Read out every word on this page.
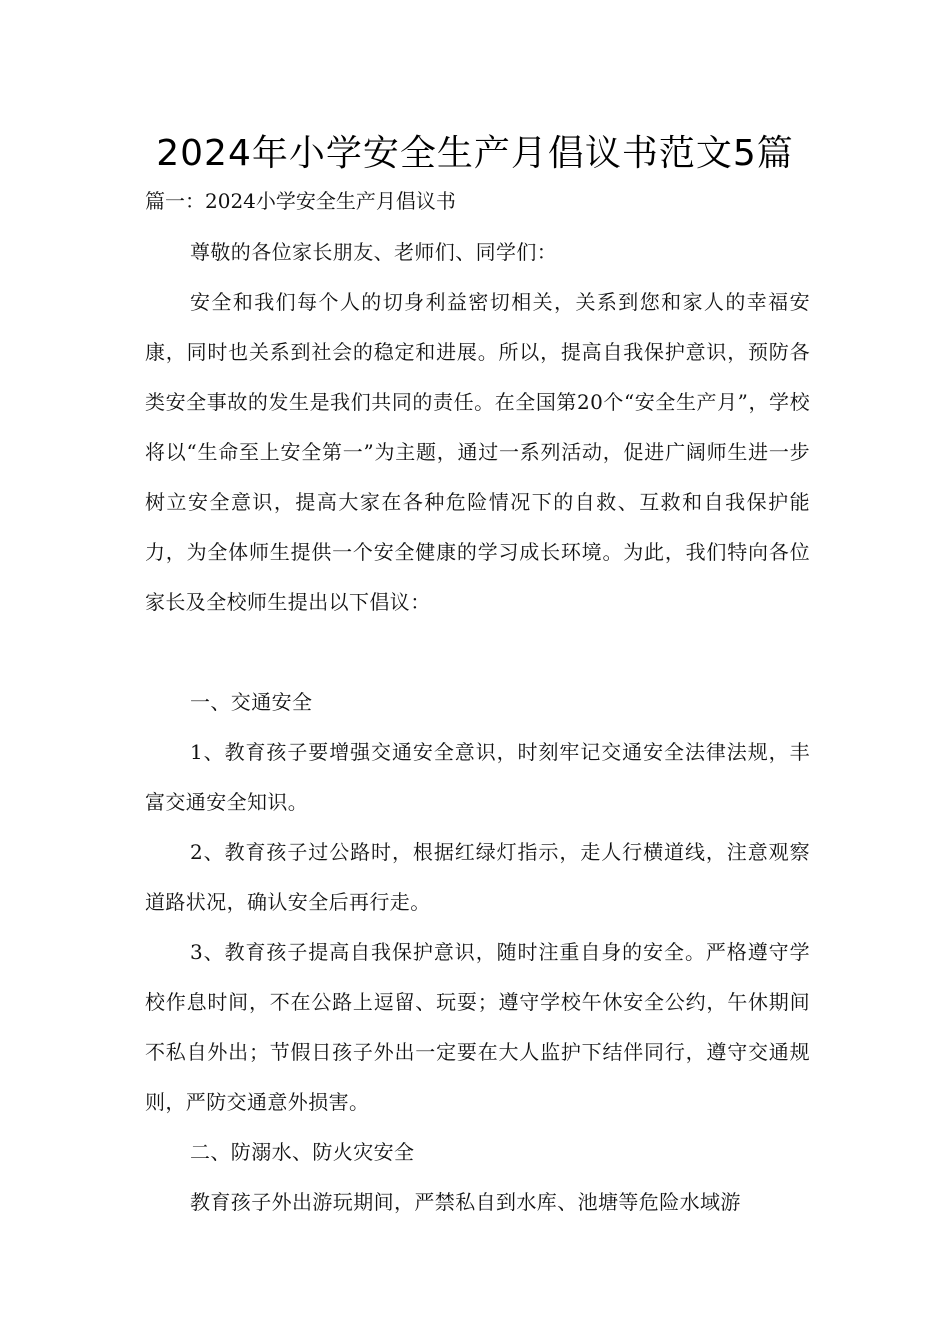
2024年小学安全生产月倡议书范文5篇

篇一：2024小学安全生产月倡议书

尊敬的各位家长朋友、老师们、同学们：

安全和我们每个人的切身利益密切相关，关系到您和家人的幸福安康，同时也关系到社会的稳定和进展。所以，提高自我保护意识，预防各类安全事故的发生是我们共同的责任。在全国第20个“安全生产月”，学校将以“生命至上安全第一”为主题，通过一系列活动，促进广阔师生进一步树立安全意识，提高大家在各种危险情况下的自救、互救和自我保护能力，为全体师生提供一个安全健康的学习成长环境。为此，我们特向各位家长及全校师生提出以下倡议：

一、交通安全

1、教育孩子要增强交通安全意识，时刻牢记交通安全法律法规，丰富交通安全知识。

2、教育孩子过公路时，根据红绿灯指示，走人行横道线，注意观察道路状况，确认安全后再行走。

3、教育孩子提高自我保护意识，随时注重自身的安全。严格遵守学校作息时间，不在公路上逗留、玩耍；遵守学校午休安全公约，午休期间不私自外出；节假日孩子外出一定要在大人监护下结伴同行，遵守交通规则，严防交通意外损害。

二、防溺水、防火灾安全

教育孩子外出游玩期间，严禁私自到水库、池塘等危险水域游
